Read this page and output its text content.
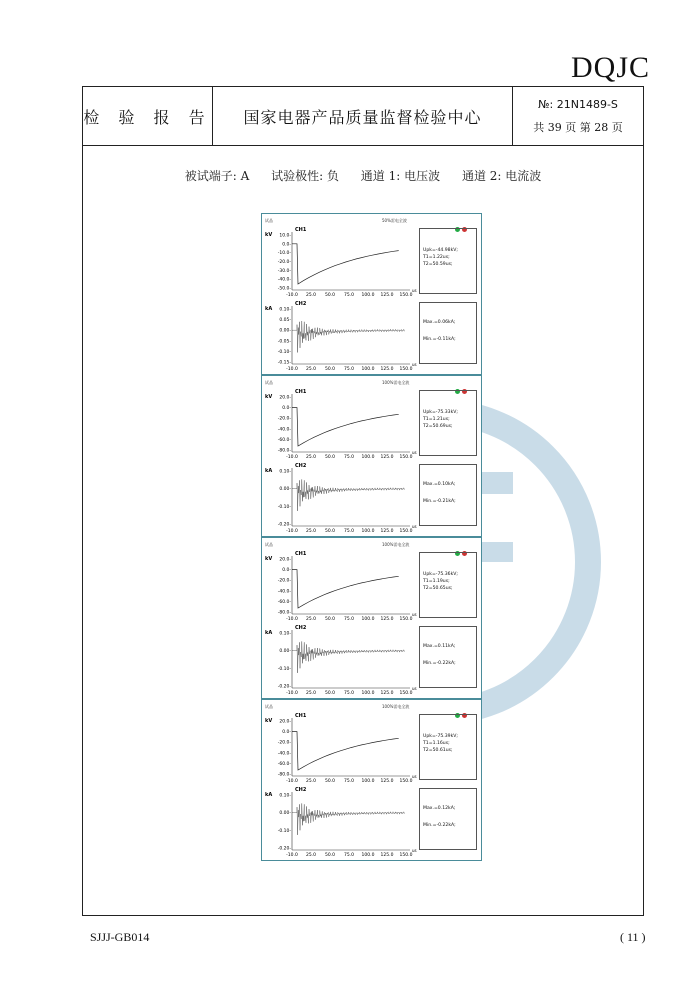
DQJC
检 验 报 告	国家电器产品质量监督检验中心
№: 21N1489-S
共 39 页 第 28 页
被试端子: A 试验极性: 负 通道 1: 电压波 通道 2: 电流波
试品	50%雷电全波
kV
CH1
10.0-
0.0-
-10.0-
-20.0-
-30.0-
-40.0-
-50.0-
kA
CH2
0.10-
0.05-
0.00-
-0.05-
-0.10-
-0.15-
-10.0
-10.0
25.0
25.0
50.0
50.0
75.0
75.0
100.0
100.0
125.0
125.0
150.0
150.0
us
us
Upk=-44.98kV;
T1=1.22us;
T2=50.59us;
Max.=0.06kA;
Min.=-0.11kA;
试品	100%雷电全波
kV
CH1
20.0-
0.0-
-20.0-
-40.0-
-60.0-
-80.0-
kA
CH2
0.10-
0.00-
-0.10-
-0.20-
-10.0
-10.0
25.0
25.0
50.0
50.0
75.0
75.0
100.0
100.0
125.0
125.0
150.0
150.0
us
us
Upk=-75.33kV;
T1=1.21us;
T2=50.69us;
Max.=0.10kA;
Min.=-0.21kA;
试品	100%雷电全波
kV
CH1
20.0-
0.0-
-20.0-
-40.0-
-60.0-
-80.0-
kA
CH2
0.10-
0.00-
-0.10-
-0.20-
-10.0
-10.0
25.0
25.0
50.0
50.0
75.0
75.0
100.0
100.0
125.0
125.0
150.0
150.0
us
us
Upk=-75.36kV;
T1=1.19us;
T2=50.65us;
Max.=0.11kA;
Min.=-0.22kA;
试品	100%雷电全波
kV
CH1
20.0-
0.0-
-20.0-
-40.0-
-60.0-
-80.0-
kA
CH2
0.10-
0.00-
-0.10-
-0.20-
-10.0
-10.0
25.0
25.0
50.0
50.0
75.0
75.0
100.0
100.0
125.0
125.0
150.0
150.0
us
us
Upk=-75.39kV;
T1=1.16us;
T2=50.61us;
Max.=0.12kA;
Min.=-0.22kA;
SJJJ-GB014	( 11 )
